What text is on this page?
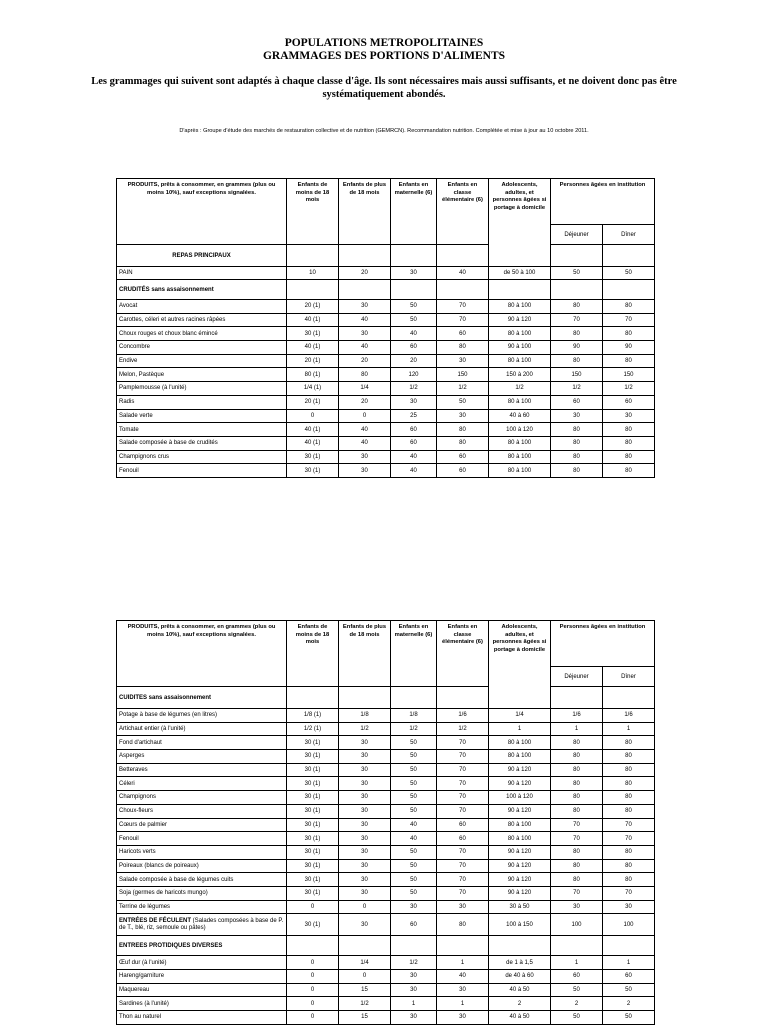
POPULATIONS METROPOLITAINES
GRAMMAGES DES PORTIONS D'ALIMENTS
Les grammages qui suivent sont adaptés à chaque classe d'âge. Ils sont nécessaires mais aussi suffisants, et ne doivent donc pas être systématiquement abondés.
D'après : Groupe d'étude des marchés de restauration collective et de nutrition (GEMRCN). Recommandation nutrition. Complétée et mise à jour au 10 octobre 2011.
PRODUITS, prêts à consommer, en grammes (plus ou moins 10%), sauf exceptions signalées.	Enfants de moins de 18 mois	Enfants de plus de 18 mois	Enfants en maternelle (6)	Enfants en classe élémentaire (6)	Adolescents, adultes, et personnes âgées si portage à domicile	Personnes âgées en institution	
						Déjeuner	Dîner
REPAS PRINCIPAUX							
PAIN	10	20	30	40	de 50 à 100	50	50
CRUDITÉS sans assaisonnement							
Avocat	20 (1)	30	50	70	80 à 100	80	80
Carottes, céleri et autres racines râpées	40 (1)	40	50	70	90 à 120	70	70
Choux rouges et choux blanc émincé	30 (1)	30	40	60	80 à 100	80	80
Concombre	40 (1)	40	60	80	90 à 100	90	90
Endive	20 (1)	20	20	30	80 à 100	80	80
Melon, Pastèque	80 (1)	80	120	150	150 à 200	150	150
Pamplemousse (à l'unité)	1/4 (1)	1/4	1/2	1/2	1/2	1/2	1/2
Radis	20 (1)	20	30	50	80 à 100	60	60
Salade verte	0	0	25	30	40 à 60	30	30
Tomate	40 (1)	40	60	80	100 à 120	80	80
Salade composée à base de crudités	40 (1)	40	60	80	80 à 100	80	80
Champignons crus	30 (1)	30	40	60	80 à 100	80	80
Fenouil	30 (1)	30	40	60	80 à 100	80	80
PRODUITS, prêts à consommer, en grammes (plus ou moins 10%), sauf exceptions signalées.	Enfants de moins de 18 mois	Enfants de plus de 18 mois	Enfants en maternelle (6)	Enfants en classe élémentaire (6)	Adolescents, adultes, et personnes âgées si portage à domicile	Personnes âgées en institution	
						Déjeuner	Dîner
CUIDITES sans assaisonnement							
Potage à base de légumes (en litres)	1/8 (1)	1/8	1/8	1/6	1/4	1/6	1/6
Artichaut entier (à l'unité)	1/2 (1)	1/2	1/2	1/2	1	1	1
Fond d'artichaut	30 (1)	30	50	70	80 à 100	80	80
Asperges	30 (1)	30	50	70	80 à 100	80	80
Betteraves	30 (1)	30	50	70	90 à 120	80	80
Céleri	30 (1)	30	50	70	90 à 120	80	80
Champignons	30 (1)	30	50	70	100 à 120	80	80
Choux-fleurs	30 (1)	30	50	70	90 à 120	80	80
Cœurs de palmier	30 (1)	30	40	60	80 à 100	70	70
Fenouil	30 (1)	30	40	60	80 à 100	70	70
Haricots verts	30 (1)	30	50	70	90 à 120	80	80
Poireaux (blancs de poireaux)	30 (1)	30	50	70	90 à 120	80	80
Salade composée à base de légumes cuits	30 (1)	30	50	70	90 à 120	80	80
Soja (germes de haricots mungo)	30 (1)	30	50	70	90 à 120	70	70
Terrine de légumes	0	0	30	30	30 à 50	30	30
ENTRÉES DE FÉCULENT (Salades composées à base de P. de T., blé, riz, semoule ou pâtes)	30 (1)	30	60	80	100 à 150	100	100
ENTREES PROTIDIQUES DIVERSES							
Œuf dur (à l'unité)	0	1/4	1/2	1	de 1 à 1,5	1	1
Hareng/garniture	0	0	30	40	de 40 à 60	60	60
Maquereau	0	15	30	30	40 à 50	50	50
Sardines (à l'unité)	0	1/2	1	1	2	2	2
Thon au naturel	0	15	30	30	40 à 50	50	50
